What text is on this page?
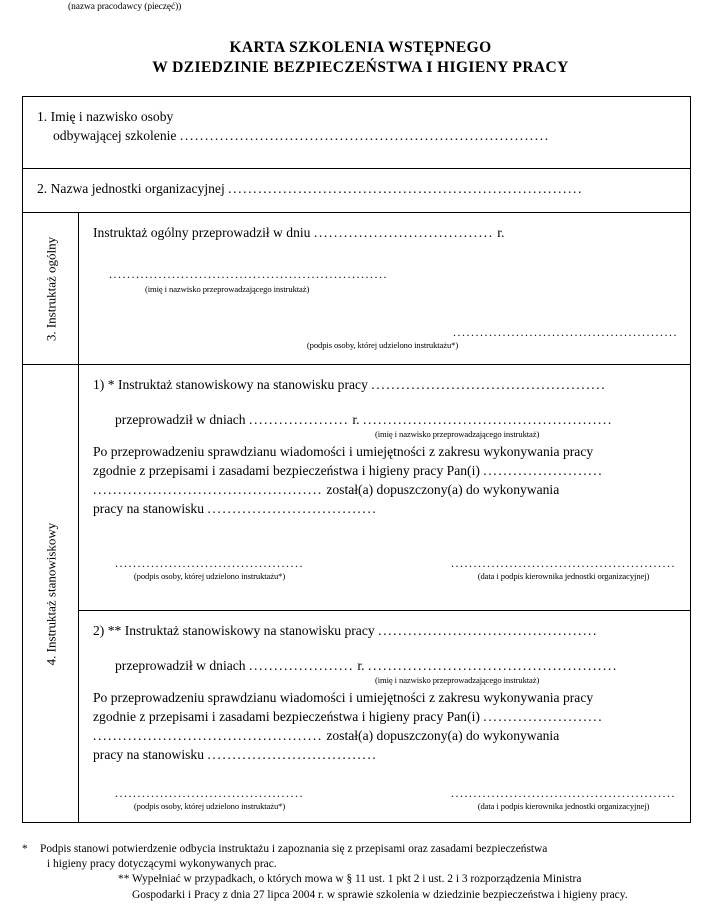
(nazwa pracodawcy (pieczęć))
KARTA SZKOLENIA WSTĘPNEGO
W DZIEDZINIE BEZPIECZEŃSTWA I HIGIENY PRACY
1. Imię i nazwisko osoby
odbywającej szkolenie ..........................................................................
2. Nazwa jednostki organizacyjnej .......................................................................
3. Instruktaż ogólny
Instruktaż ogólny przeprowadził w dniu .................................... r.
..............................................................
(imię i nazwisko przeprowadzającego instruktaż)
..................................................
(podpis osoby, której udzielono instruktażu*)
4. Instruktaż stanowiskowy
1) * Instruktaż stanowiskowy na stanowisku pracy ...............................................
przeprowadził w dniach .................... r. ..................................................
(imię i nazwisko przeprowadzającego instruktaż)
Po przeprowadzeniu sprawdzianu wiadomości i umiejętności z zakresu wykonywania pracy
zgodnie z przepisami i zasadami bezpieczeństwa i higieny pracy Pan(i) ........................
.............................................. został(a) dopuszczony(a) do wykonywania
pracy na stanowisku ..................................
..........................................
(podpis osoby, której udzielono instruktażu*)
..................................................
(data i podpis kierownika jednostki organizacyjnej)
2) ** Instruktaż stanowiskowy na stanowisku pracy ............................................
przeprowadził w dniach ..................... r. ..................................................
(imię i nazwisko przeprowadzającego instruktaż)
Po przeprowadzeniu sprawdzianu wiadomości i umiejętności z zakresu wykonywania pracy
zgodnie z przepisami i zasadami bezpieczeństwa i higieny pracy Pan(i) ........................
.............................................. został(a) dopuszczony(a) do wykonywania
pracy na stanowisku ..................................
..........................................
(podpis osoby, której udzielono instruktażu*)
..................................................
(data i podpis kierownika jednostki organizacyjnej)
*	Podpis stanowi potwierdzenie odbycia instruktażu i zapoznania się z przepisami oraz zasadami bezpieczeństwa
i higieny pracy dotyczącymi wykonywanych prac.
** Wypełniać w przypadkach, o których mowa w § 11 ust. 1 pkt 2 i ust. 2 i 3 rozporządzenia Ministra
Gospodarki i Pracy z dnia 27 lipca 2004 r. w sprawie szkolenia w dziedzinie bezpieczeństwa i higieny pracy.
